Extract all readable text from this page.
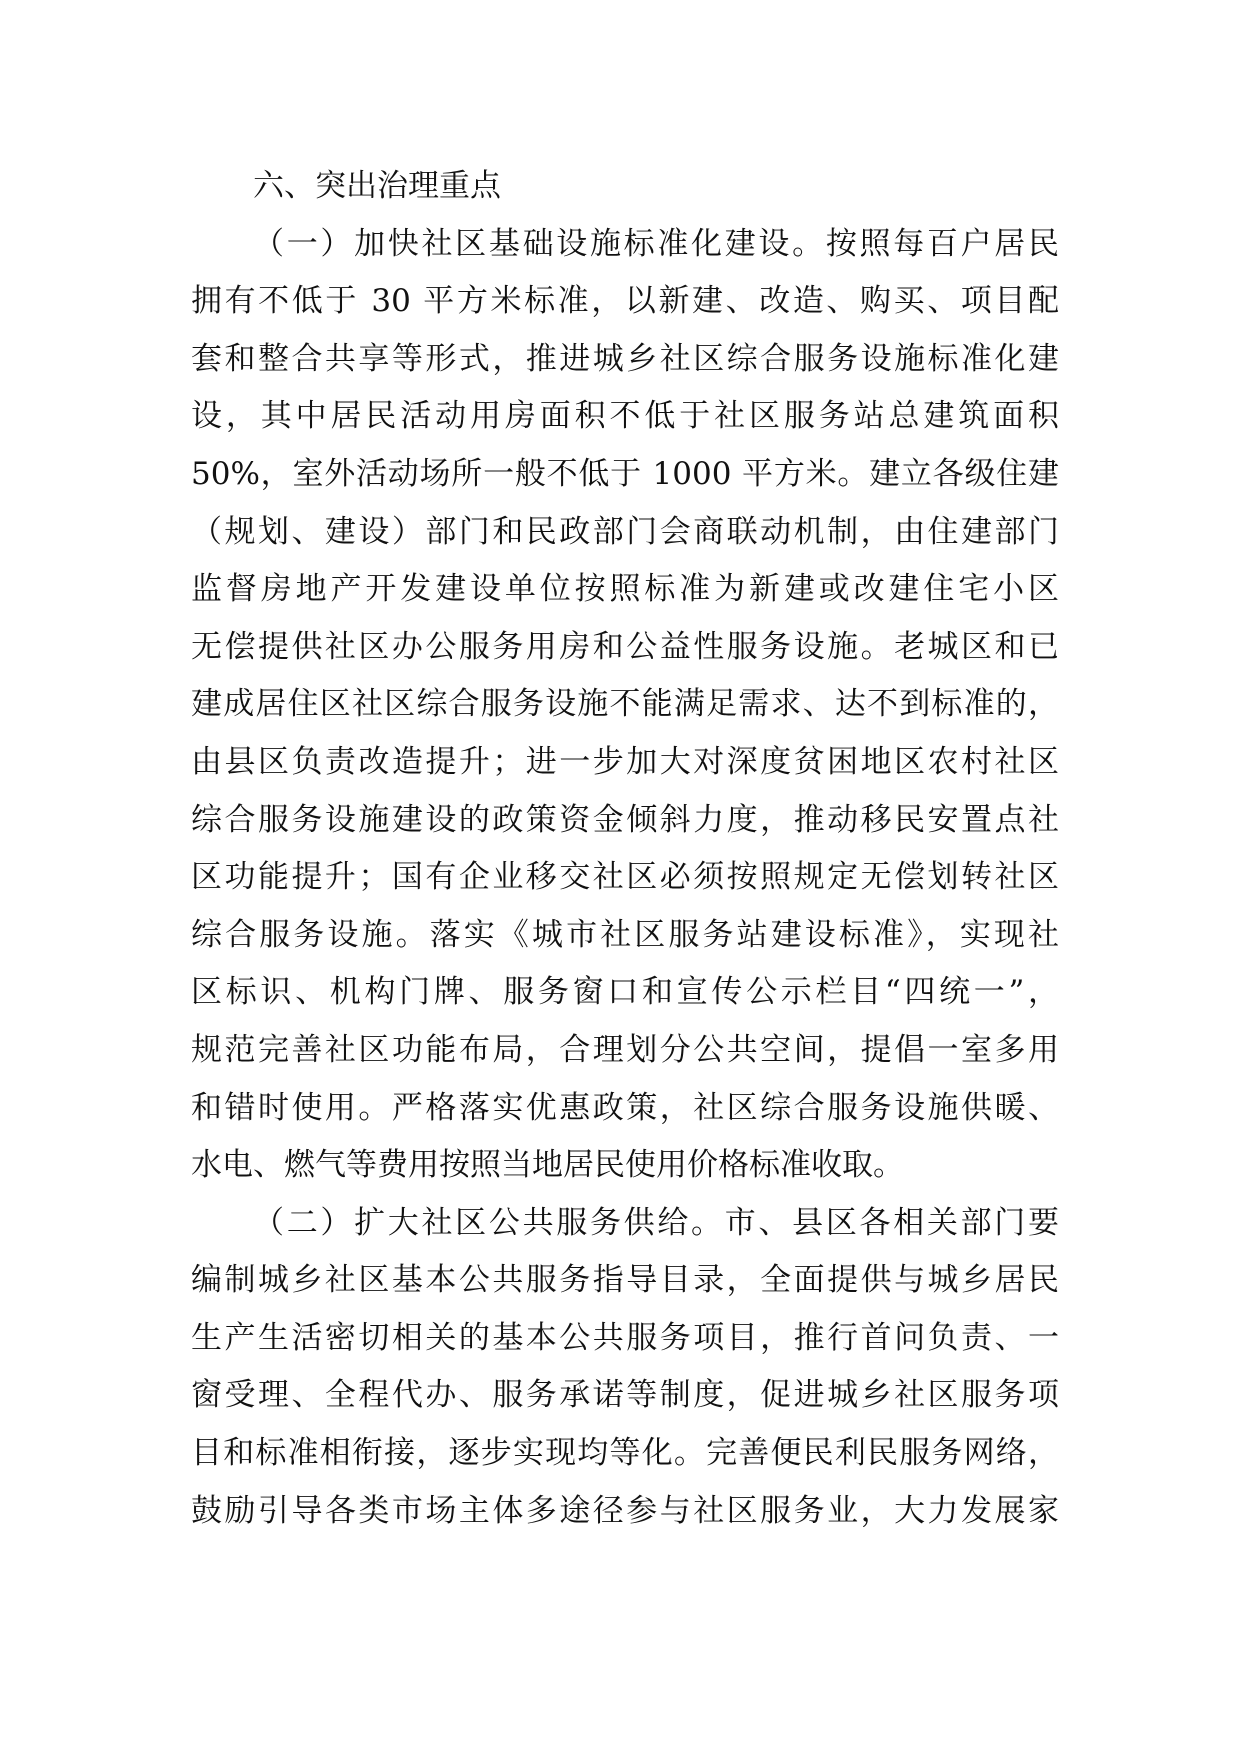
六、突出治理重点

（一）加快社区基础设施标准化建设。按照每百户居民

拥有不低于 30 平方米标准，以新建、改造、购买、项目配

套和整合共享等形式，推进城乡社区综合服务设施标准化建

设，其中居民活动用房面积不低于社区服务站总建筑面积

50%，室外活动场所一般不低于 1000 平方米。建立各级住建

（规划、建设）部门和民政部门会商联动机制，由住建部门

监督房地产开发建设单位按照标准为新建或改建住宅小区

无偿提供社区办公服务用房和公益性服务设施。老城区和已

建成居住区社区综合服务设施不能满足需求、达不到标准的，

由县区负责改造提升；进一步加大对深度贫困地区农村社区

综合服务设施建设的政策资金倾斜力度，推动移民安置点社

区功能提升；国有企业移交社区必须按照规定无偿划转社区

综合服务设施。落实《城市社区服务站建设标准》，实现社

区标识、机构门牌、服务窗口和宣传公示栏目“四统一”，

规范完善社区功能布局，合理划分公共空间，提倡一室多用

和错时使用。严格落实优惠政策，社区综合服务设施供暖、

水电、燃气等费用按照当地居民使用价格标准收取。

（二）扩大社区公共服务供给。市、县区各相关部门要

编制城乡社区基本公共服务指导目录，全面提供与城乡居民

生产生活密切相关的基本公共服务项目，推行首问负责、一

窗受理、全程代办、服务承诺等制度，促进城乡社区服务项

目和标准相衔接，逐步实现均等化。完善便民利民服务网络，

鼓励引导各类市场主体多途径参与社区服务业，大力发展家
